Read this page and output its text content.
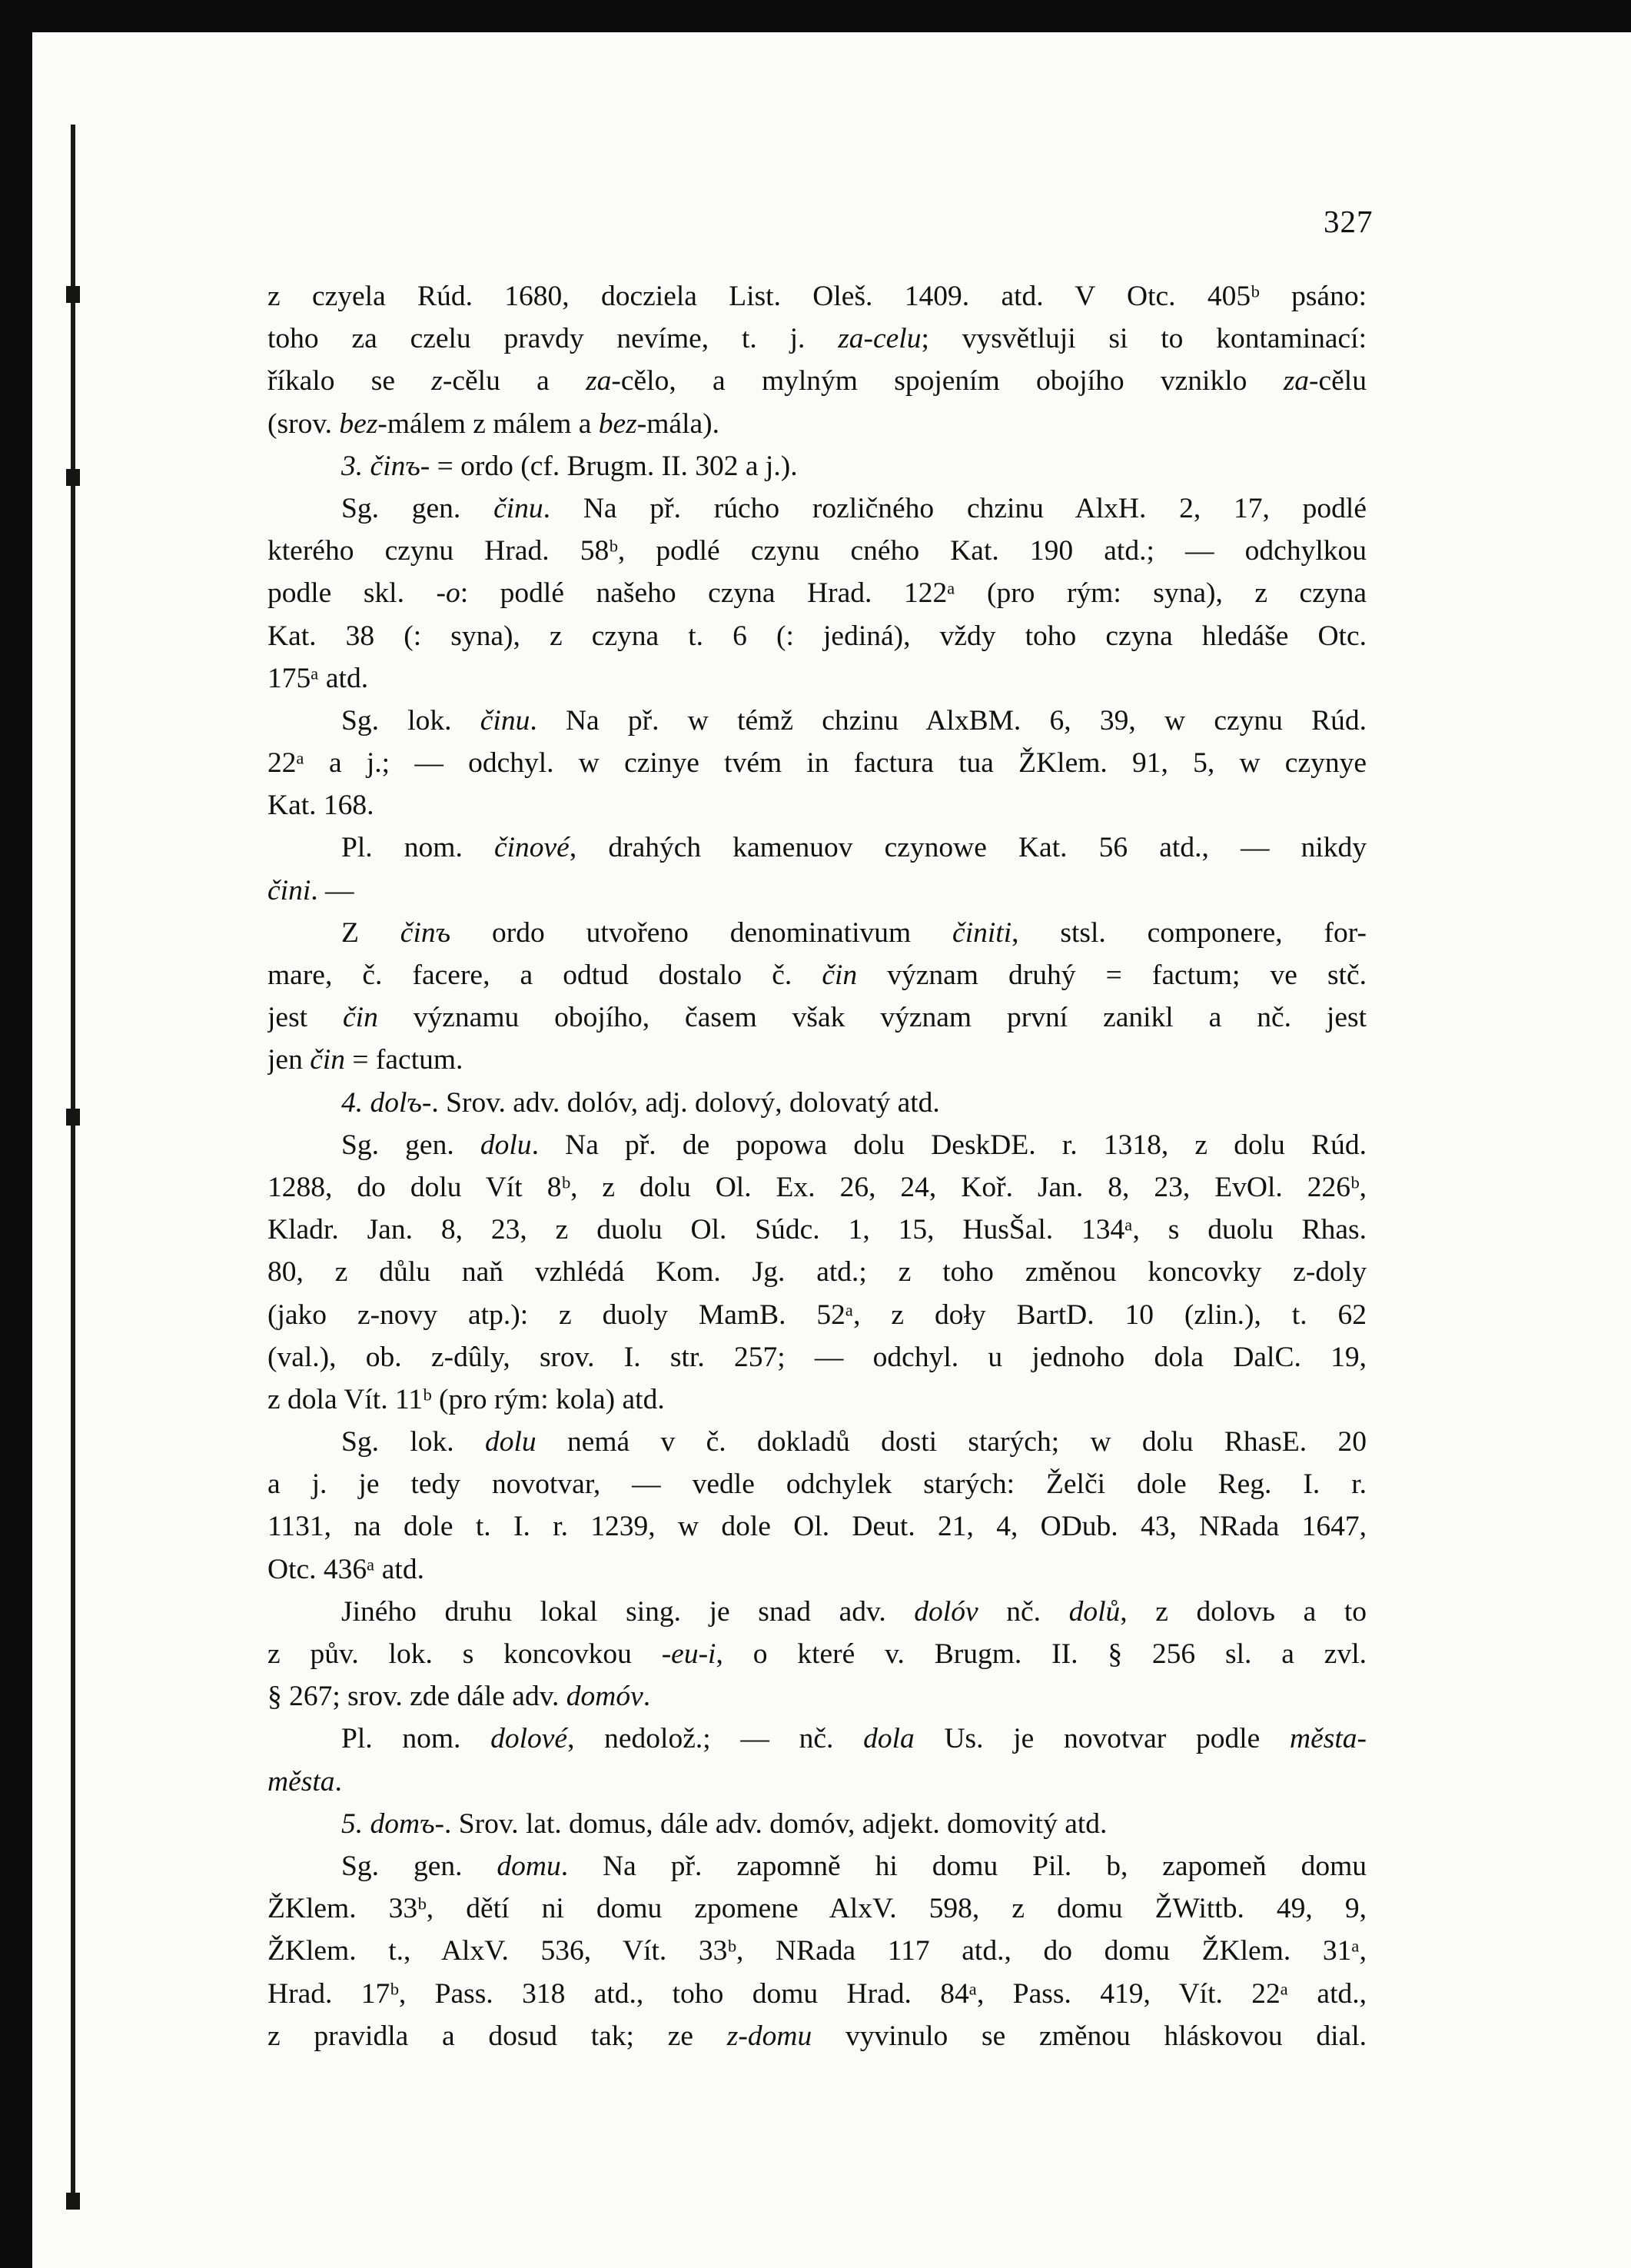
327
z czyela Rúd. 1680, docziela List. Oleš. 1409. atd. V Otc. 405ᵇ psáno:
toho za czelu pravdy nevíme, t. j. za-celu; vysvětluji si to kontaminací:
říkalo se z-cělu a za-cělo, a mylným spojením obojího vzniklo za-cělu
(srov. bez-málem z málem a bez-mála).
3. činъ- = ordo (cf. Brugm. II. 302 a j.).
Sg. gen. činu. Na př. rúcho rozličného chzinu AlxH. 2, 17, podlé
kterého czynu Hrad. 58ᵇ, podlé czynu cného Kat. 190 atd.; — odchylkou
podle skl. -o: podlé našeho czyna Hrad. 122ᵃ (pro rým: syna), z czyna
Kat. 38 (: syna), z czyna t. 6 (: jediná), vždy toho czyna hledáše Otc.
175ᵃ atd.
Sg. lok. činu. Na př. w témž chzinu AlxBM. 6, 39, w czynu Rúd.
22ᵃ a j.; — odchyl. w czinye tvém in factura tua ŽKlem. 91, 5, w czynye
Kat. 168.
Pl. nom. činové, drahých kamenuov czynowe Kat. 56 atd., — nikdy
čini. —
Z činъ ordo utvořeno denominativum činiti, stsl. componere, for-
mare, č. facere, a odtud dostalo č. čin význam druhý = factum; ve stč.
jest čin významu obojího, časem však význam první zanikl a nč. jest
jen čin = factum.
4. dolъ-. Srov. adv. dolóv, adj. dolový, dolovatý atd.
Sg. gen. dolu. Na př. de popowa dolu DeskDE. r. 1318, z dolu Rúd.
1288, do dolu Vít 8ᵇ, z dolu Ol. Ex. 26, 24, Koř. Jan. 8, 23, EvOl. 226ᵇ,
Kladr. Jan. 8, 23, z duolu Ol. Súdc. 1, 15, HusŠal. 134ᵃ, s duolu Rhas.
80, z důlu naň vzhlédá Kom. Jg. atd.; z toho změnou koncovky z-doly
(jako z-novy atp.): z duoly MamB. 52ᵃ, z doły BartD. 10 (zlin.), t. 62
(val.), ob. z-dûly, srov. I. str. 257; — odchyl. u jednoho dola DalC. 19,
z dola Vít. 11ᵇ (pro rým: kola) atd.
Sg. lok. dolu nemá v č. dokladů dosti starých; w dolu RhasE. 20
a j. je tedy novotvar, — vedle odchylek starých: Želči dole Reg. I. r.
1131, na dole t. I. r. 1239, w dole Ol. Deut. 21, 4, ODub. 43, NRada 1647,
Otc. 436ᵃ atd.
Jiného druhu lokal sing. je snad adv. dolóv nč. dolů, z dolovь a to
z pův. lok. s koncovkou -eu-i, o které v. Brugm. II. § 256 sl. a zvl.
§ 267; srov. zde dále adv. domóv.
Pl. nom. dolové, nedolož.; — nč. dola Us. je novotvar podle města-
města.
5. domъ-. Srov. lat. domus, dále adv. domóv, adjekt. domovitý atd.
Sg. gen. domu. Na př. zapomně hi domu Pil. b, zapomeň domu
ŽKlem. 33ᵇ, dětí ni domu zpomene AlxV. 598, z domu ŽWittb. 49, 9,
ŽKlem. t., AlxV. 536, Vít. 33ᵇ, NRada 117 atd., do domu ŽKlem. 31ᵃ,
Hrad. 17ᵇ, Pass. 318 atd., toho domu Hrad. 84ᵃ, Pass. 419, Vít. 22ᵃ atd.,
z pravidla a dosud tak; ze z-domu vyvinulo se změnou hláskovou dial.
